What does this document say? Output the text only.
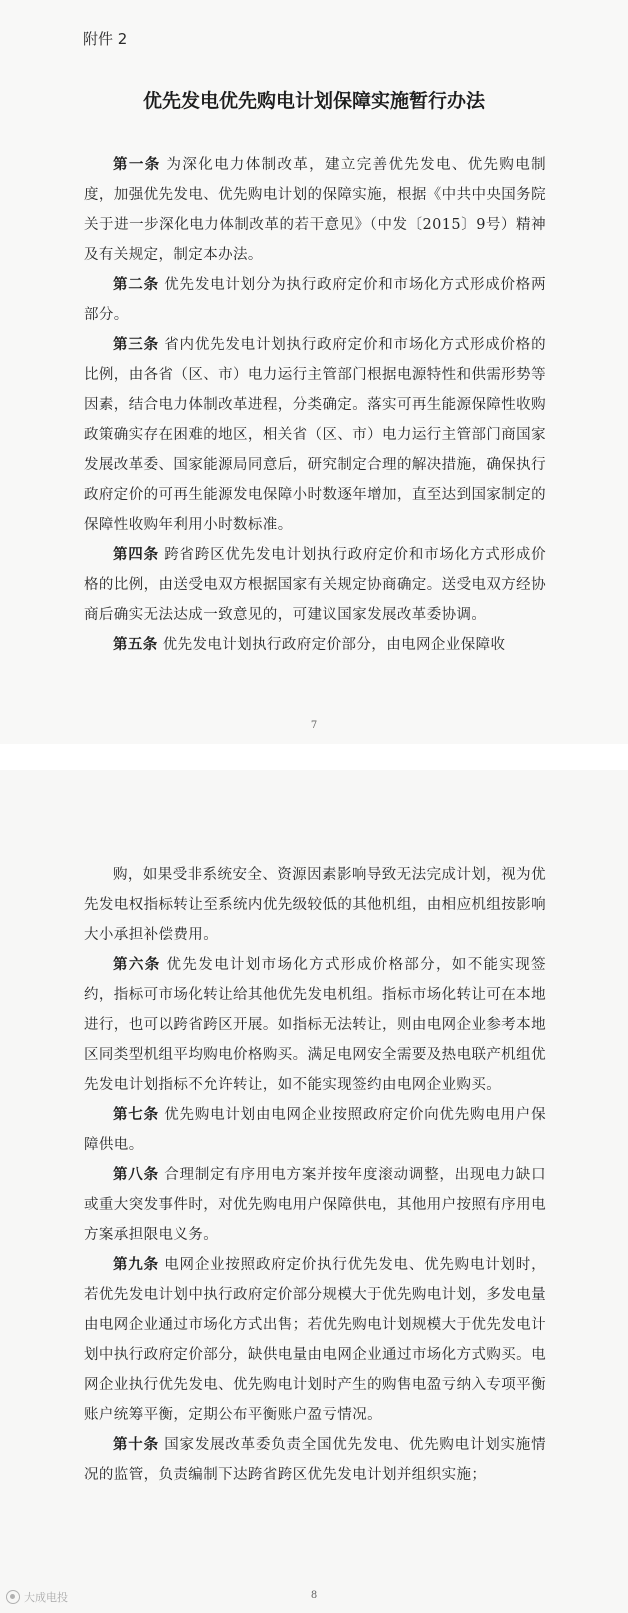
附件 2
优先发电优先购电计划保障实施暂行办法

第一条 为深化电力体制改革，建立完善优先发电、优先购电制度，加强优先发电、优先购电计划的保障实施，根据《中共中央国务院关于进一步深化电力体制改革的若干意见》（中发〔2015〕9号）精神及有关规定，制定本办法。

第二条 优先发电计划分为执行政府定价和市场化方式形成价格两部分。

第三条 省内优先发电计划执行政府定价和市场化方式形成价格的比例，由各省（区、市）电力运行主管部门根据电源特性和供需形势等因素，结合电力体制改革进程，分类确定。落实可再生能源保障性收购政策确实存在困难的地区，相关省（区、市）电力运行主管部门商国家发展改革委、国家能源局同意后，研究制定合理的解决措施，确保执行政府定价的可再生能源发电保障小时数逐年增加，直至达到国家制定的保障性收购年利用小时数标准。

第四条 跨省跨区优先发电计划执行政府定价和市场化方式形成价格的比例，由送受电双方根据国家有关规定协商确定。送受电双方经协商后确实无法达成一致意见的，可建议国家发展改革委协调。

第五条 优先发电计划执行政府定价部分，由电网企业保障收

7

购，如果受非系统安全、资源因素影响导致无法完成计划，视为优先发电权指标转让至系统内优先级较低的其他机组，由相应机组按影响大小承担补偿费用。

第六条 优先发电计划市场化方式形成价格部分，如不能实现签约，指标可市场化转让给其他优先发电机组。指标市场化转让可在本地进行，也可以跨省跨区开展。如指标无法转让，则由电网企业参考本地区同类型机组平均购电价格购买。满足电网安全需要及热电联产机组优先发电计划指标不允许转让，如不能实现签约由电网企业购买。

第七条 优先购电计划由电网企业按照政府定价向优先购电用户保障供电。

第八条 合理制定有序用电方案并按年度滚动调整，出现电力缺口或重大突发事件时，对优先购电用户保障供电，其他用户按照有序用电方案承担限电义务。

第九条 电网企业按照政府定价执行优先发电、优先购电计划时，若优先发电计划中执行政府定价部分规模大于优先购电计划，多发电量由电网企业通过市场化方式出售；若优先购电计划规模大于优先发电计划中执行政府定价部分，缺供电量由电网企业通过市场化方式购买。电网企业执行优先发电、优先购电计划时产生的购售电盈亏纳入专项平衡账户统筹平衡，定期公布平衡账户盈亏情况。

第十条 国家发展改革委负责全国优先发电、优先购电计划实施情况的监管，负责编制下达跨省跨区优先发电计划并组织实施；

8
大成电投
